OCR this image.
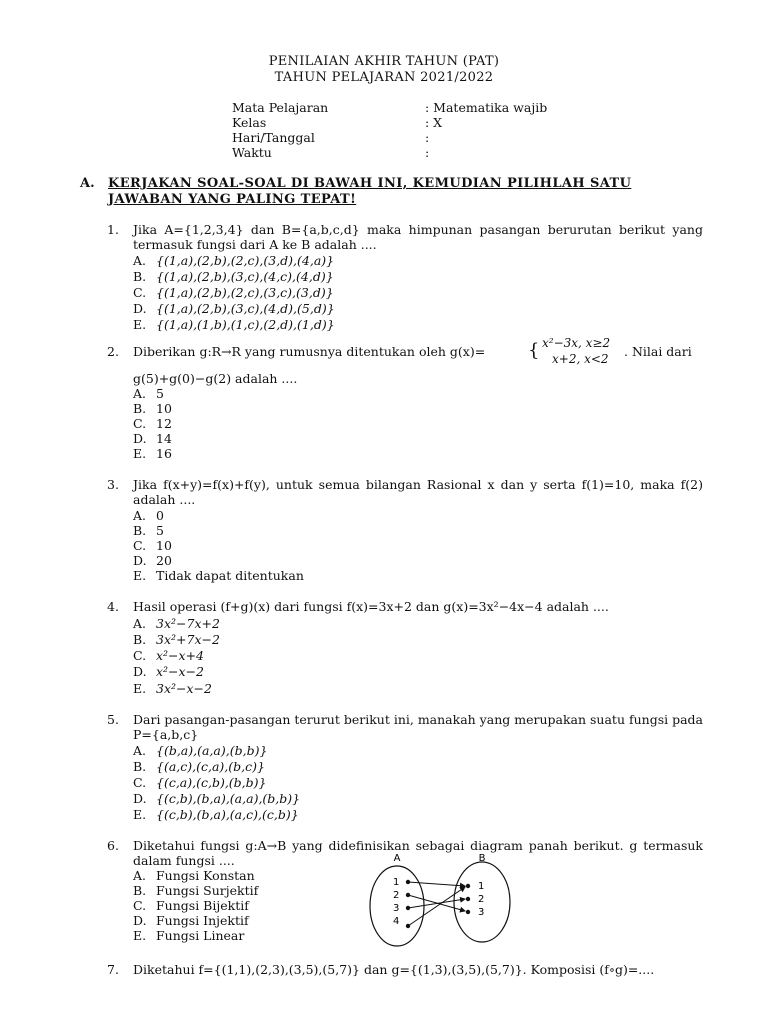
PENILAIAN AKHIR TAHUN (PAT)
TAHUN PELAJARAN 2021/2022
Mata Pelajaran	: Matematika wajib
Kelas	: X
Hari/Tanggal	:
Waktu	:
A. KERJAKAN SOAL-SOAL DI BAWAH INI, KEMUDIAN PILIHLAH SATU JAWABAN YANG PALING TEPAT!
1. Jika A={1,2,3,4} dan B={a,b,c,d} maka himpunan pasangan berurutan berikut yang termasuk fungsi dari A ke B adalah ....
A. {(1,a),(2,b),(2,c),(3,d),(4,a)}
B. {(1,a),(2,b),(3,c),(4,c),(4,d)}
C. {(1,a),(2,b),(2,c),(3,c),(3,d)}
D. {(1,a),(2,b),(3,c),(4,d),(5,d)}
E. {(1,a),(1,b),(1,c),(2,d),(1,d)}
2. Diberikan g:R→R yang rumusnya ditentukan oleh g(x)= { x²−3x, x≥2
x+2, x<2 . Nilai dari
g(5)+g(0)−g(2) adalah ....
A. 5
B. 10
C. 12
D. 14
E. 16
3. Jika f(x+y)=f(x)+f(y), untuk semua bilangan Rasional x dan y serta f(1)=10, maka f(2) adalah ....
A. 0
B. 5
C. 10
D. 20
E. Tidak dapat ditentukan
4. Hasil operasi (f+g)(x) dari fungsi f(x)=3x+2 dan g(x)=3x²−4x−4 adalah ....
A. 3x²−7x+2
B. 3x²+7x−2
C. x²−x+4
D. x²−x−2
E. 3x²−x−2
5. Dari pasangan-pasangan terurut berikut ini, manakah yang merupakan suatu fungsi pada P={a,b,c}
A. {(b,a),(a,a),(b,b)}
B. {(a,c),(c,a),(b,c)}
C. {(c,a),(c,b),(b,b)}
D. {(c,b),(b,a),(a,a),(b,b)}
E. {(c,b),(b,a),(a,c),(c,b)}
6. Diketahui fungsi g:A→B yang didefinisikan sebagai diagram panah berikut. g termasuk dalam fungsi ....
A. Fungsi Konstan
B. Fungsi Surjektif
C. Fungsi Bijektif
D. Fungsi Injektif
E. Fungsi Linear
A	B
1
2
3
4
1
2
3
7. Diketahui f={(1,1),(2,3),(3,5),(5,7)} dan g={(1,3),(3,5),(5,7)}. Komposisi (f∘g)=....
